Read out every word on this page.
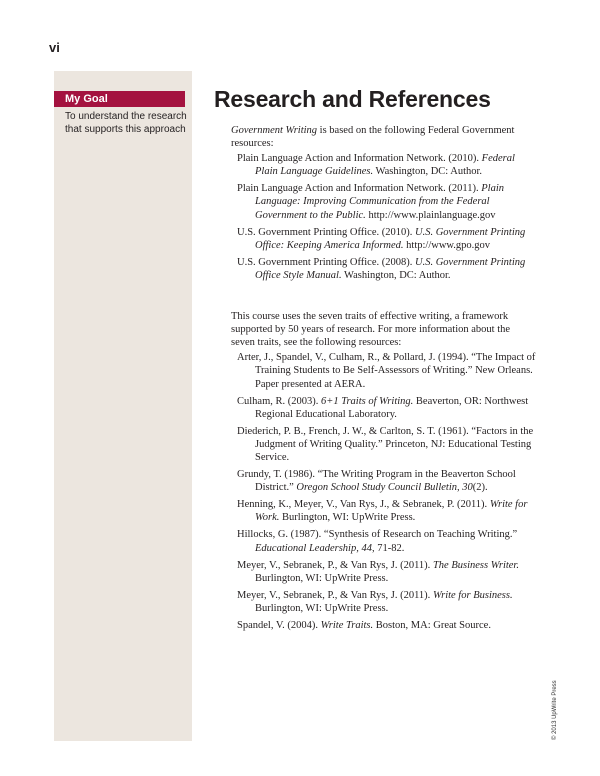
vi
My Goal
To understand the research that supports this approach
Research and References

Government Writing is based on the following Federal Government resources:

Plain Language Action and Information Network. (2010). Federal Plain Language Guidelines. Washington, DC: Author.

Plain Language Action and Information Network. (2011). Plain Language: Improving Communication from the Federal Government to the Public. http://www.plainlanguage.gov

U.S. Government Printing Office. (2010). U.S. Government Printing Office: Keeping America Informed. http://www.gpo.gov

U.S. Government Printing Office. (2008). U.S. Government Printing Office Style Manual. Washington, DC: Author.

This course uses the seven traits of effective writing, a framework supported by 50 years of research. For more information about the seven traits, see the following resources:

Arter, J., Spandel, V., Culham, R., & Pollard, J. (1994). “The Impact of Training Students to Be Self-Assessors of Writing.” New Orleans. Paper presented at AERA.

Culham, R. (2003). 6+1 Traits of Writing. Beaverton, OR: Northwest Regional Educational Laboratory.

Diederich, P. B., French, J. W., & Carlton, S. T. (1961). “Factors in the Judgment of Writing Quality.” Princeton, NJ: Educational Testing Service.

Grundy, T. (1986). “The Writing Program in the Beaverton School District.” Oregon School Study Council Bulletin, 30(2).

Henning, K., Meyer, V., Van Rys, J., & Sebranek, P. (2011). Write for Work. Burlington, WI: UpWrite Press.

Hillocks, G. (1987). “Synthesis of Research on Teaching Writing.” Educational Leadership, 44, 71-82.

Meyer, V., Sebranek, P., & Van Rys, J. (2011). The Business Writer. Burlington, WI: UpWrite Press.

Meyer, V., Sebranek, P., & Van Rys, J. (2011). Write for Business. Burlington, WI: UpWrite Press.

Spandel, V. (2004). Write Traits. Boston, MA: Great Source.

© 2013 UpWrite Press
